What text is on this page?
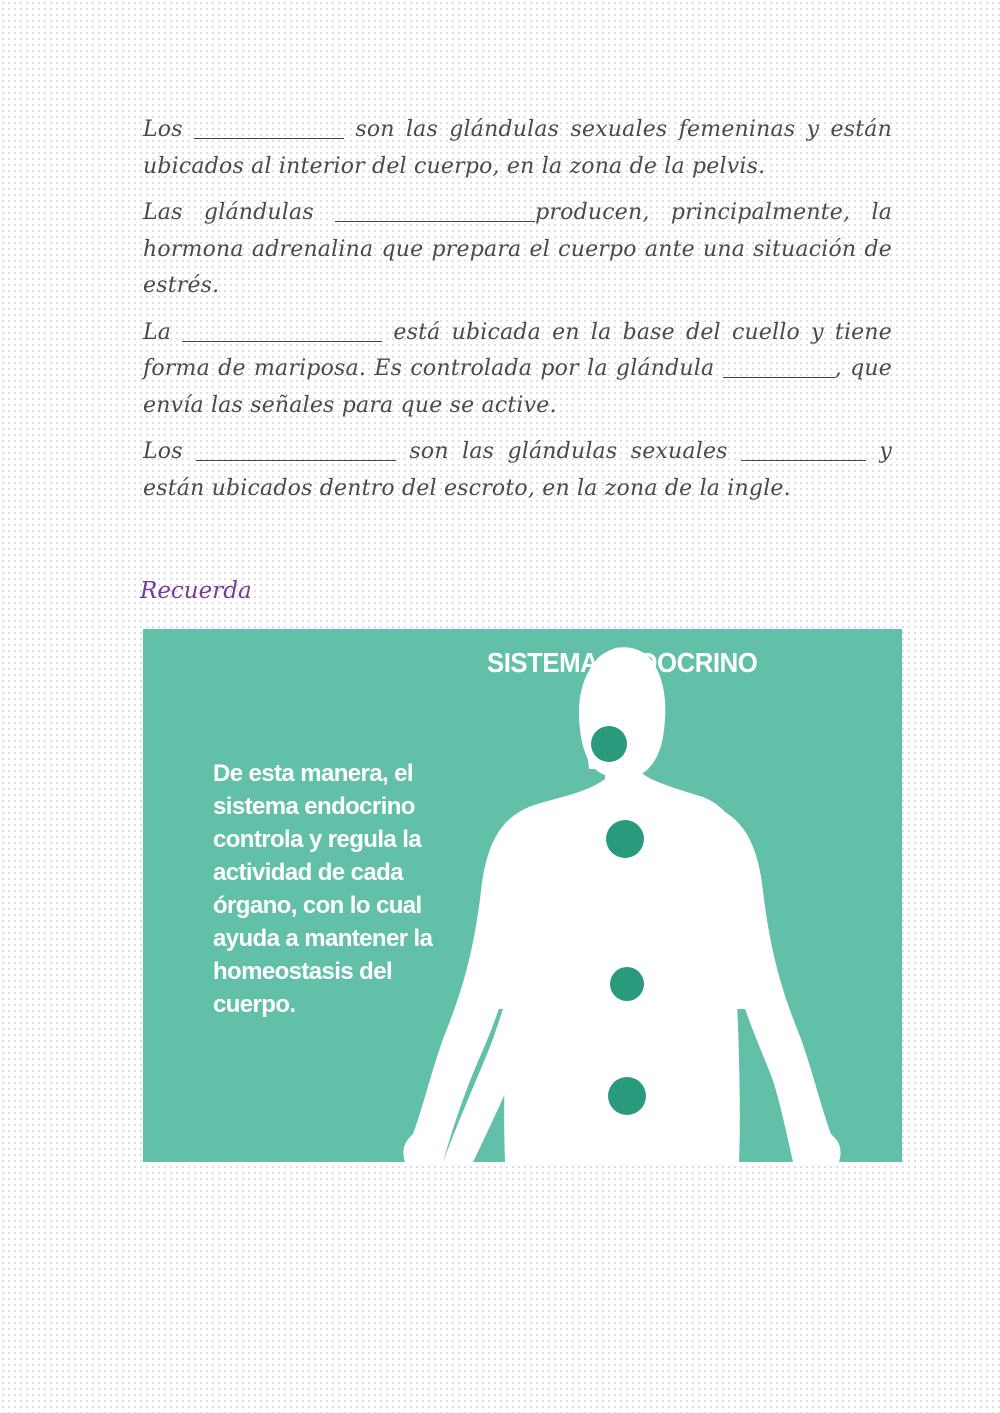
Los	son las glándulas sexuales femeninas y están ubicados al interior del cuerpo, en la zona de la pelvis.

Las glándulas	producen, principalmente, la hormona adrenalina que prepara el cuerpo ante una situación de estrés.

La	está ubicada en la base del cuello y tiene forma de mariposa. Es controlada por la glándula	, que envía las señales para que se active.

Los	son las glándulas sexuales	y están ubicados dentro del escroto, en la zona de la ingle.

Recuerda
SISTEMA ENDOCRINO
De esta manera, el sistema endocrino controla y regula la actividad de cada órgano, con lo cual ayuda a mantener la homeostasis del cuerpo.
